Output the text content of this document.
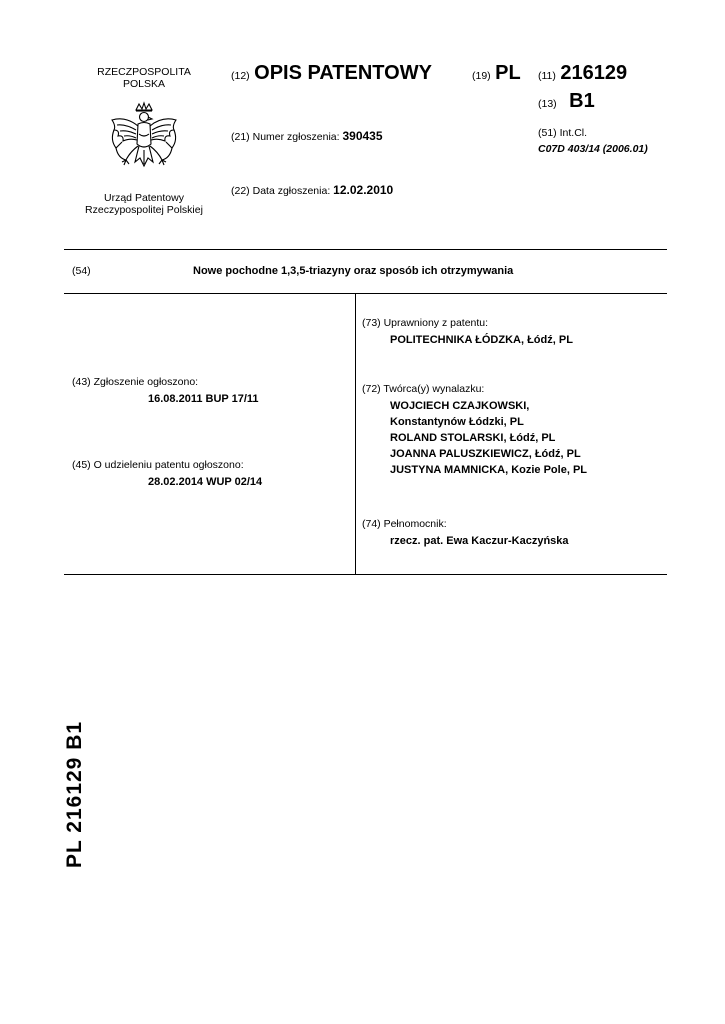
RZECZPOSPOLITA
POLSKA
Urząd Patentowy
Rzeczypospolitej Polskiej
(12) OPIS PATENTOWY	(19) PL (11) 216129
(13) B1
(21) Numer zgłoszenia: 390435	(51) Int.Cl.
C07D 403/14 (2006.01)
(22) Data zgłoszenia: 12.02.2010
(54)	Nowe pochodne 1,3,5-triazyny oraz sposób ich otrzymywania
(43) Zgłoszenie ogłoszono:
16.08.2011 BUP 17/11
(45) O udzieleniu patentu ogłoszono:
28.02.2014 WUP 02/14
(73) Uprawniony z patentu:
POLITECHNIKA ŁÓDZKA, Łódź, PL
(72) Twórca(y) wynalazku:
WOJCIECH CZAJKOWSKI,
Konstantynów Łódzki, PL
ROLAND STOLARSKI, Łódź, PL
JOANNA PALUSZKIEWICZ, Łódź, PL
JUSTYNA MAMNICKA, Kozie Pole, PL
(74) Pełnomocnik:
rzecz. pat. Ewa Kaczur-Kaczyńska
PL 216129 B1
